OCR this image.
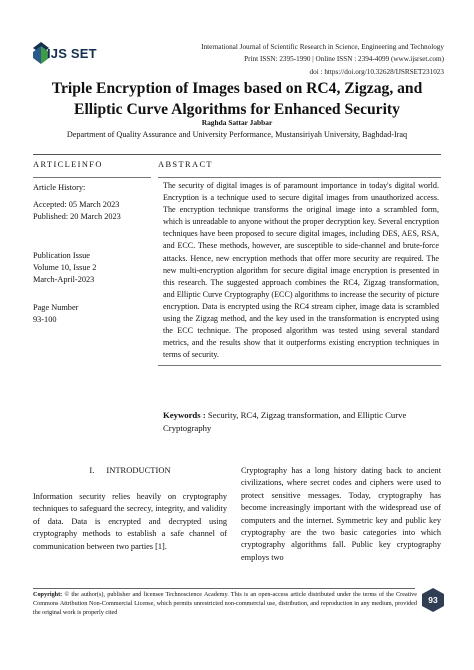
IJS SET	International Journal of Scientific Research in Science, Engineering and Technology
Print ISSN: 2395-1990 | Online ISSN : 2394-4099 (www.ijsrset.com)
doi : https://doi.org/10.32628/IJSRSET231023
Triple Encryption of Images based on RC4, Zigzag, and Elliptic Curve Algorithms for Enhanced Security
Raghda Sattar Jabbar
Department of Quality Assurance and University Performance, Mustansiriyah University, Baghdad-Iraq
ARTICLEINFO	ABSTRACT
Article History:
Accepted: 05 March 2023
Published: 20 March 2023
Publication Issue
Volume 10, Issue 2
March-April-2023
Page Number
93-100

The security of digital images is of paramount importance in today's digital world. Encryption is a technique used to secure digital images from unauthorized access. The encryption technique transforms the original image into a scrambled form, which is unreadable to anyone without the proper decryption key. Several encryption techniques have been proposed to secure digital images, including DES, AES, RSA, and ECC. These methods, however, are susceptible to side-channel and brute-force attacks. Hence, new encryption methods that offer more security are required. The new multi-encryption algorithm for secure digital image encryption is presented in this research. The suggested approach combines the RC4, Zigzag transformation, and Elliptic Curve Cryptography (ECC) algorithms to increase the security of picture encryption. Data is encrypted using the RC4 stream cipher, image data is scrambled using the Zigzag method, and the key used in the transformation is encrypted using the ECC technique. The proposed algorithm was tested using several standard metrics, and the results show that it outperforms existing encryption techniques in terms of security.

Keywords : Security, RC4, Zigzag transformation, and Elliptic Curve Cryptography
I. INTRODUCTION

Information security relies heavily on cryptography techniques to safeguard the secrecy, integrity, and validity of data. Data is encrypted and decrypted using cryptography methods to establish a safe channel of communication between two parties [1].

Cryptography has a long history dating back to ancient civilizations, where secret codes and ciphers were used to protect sensitive messages. Today, cryptography has become increasingly important with the widespread use of computers and the internet. Symmetric key and public key cryptography are the two basic categories into which cryptography algorithms fall. Public key cryptography employs two

Copyright: © the author(s), publisher and licensee Technoscience Academy. This is an open-access article distributed under the terms of the Creative Commons Attribution Non-Commercial License, which permits unrestricted non-commercial use, distribution, and reproduction in any medium, provided the original work is properly cited
93
